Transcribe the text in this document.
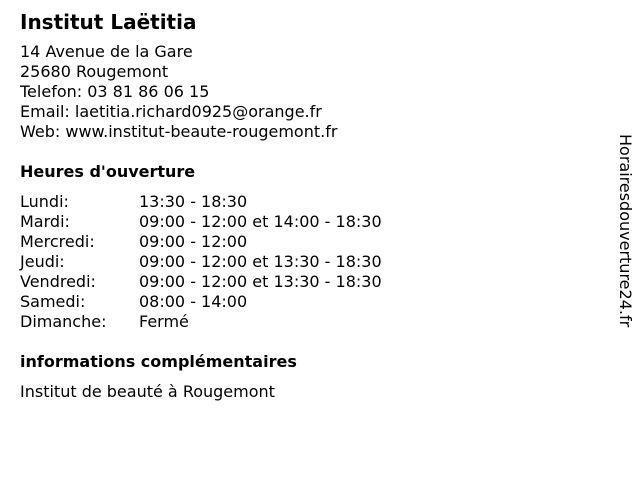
Institut Laëtitia
14 Avenue de la Gare
25680 Rougemont
Telefon: 03 81 86 06 15
Email: laetitia.richard0925@orange.fr
Web: www.institut-beaute-rougemont.fr
Heures d'ouverture
Lundi:	13:30 - 18:30
Mardi:	09:00 - 12:00 et 14:00 - 18:30
Mercredi:	09:00 - 12:00
Jeudi:	09:00 - 12:00 et 13:30 - 18:30
Vendredi:	09:00 - 12:00 et 13:30 - 18:30
Samedi:	08:00 - 14:00
Dimanche:	Fermé
informations complémentaires
Institut de beauté à Rougemont
Horairesdouverture24.fr
